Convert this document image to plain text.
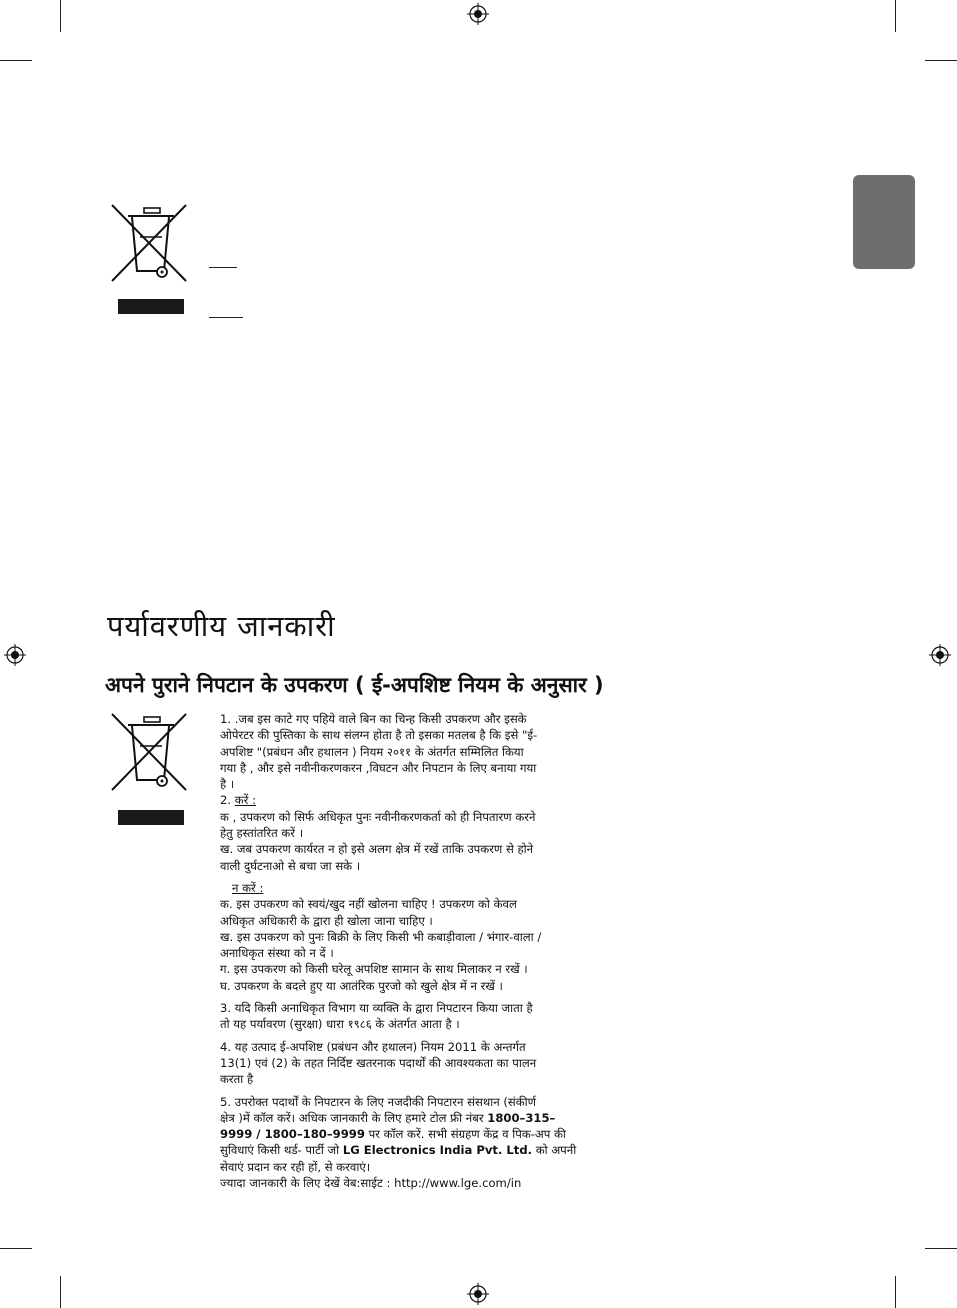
पर्यावरणीय जानकारी
अपने पुराने निपटान के उपकरण ( ई-अपशिष्ट नियम के अनुसार )

1. .जब इस काटे गए पहिये वाले बिन का चिन्ह किसी उपकरण और इसके

ओपेरटर की पुस्तिका के साथ संलग्न होता है तो इसका मतलब है कि इसे "ई-

अपशिष्ट "(प्रबंधन और हथालन ) नियम २०११ के अंतर्गत सम्मिलित किया

गया है , और इसे नवीनीकरणकरन ,विघटन और निपटान के लिए बनाया गया

है ।

2. करें :

क , उपकरण को सिर्फ अधिकृत पुनः नवीनीकरणकर्ता को ही निपतारण करने

हेतु हस्तांतरित करें ।

ख. जब उपकरण कार्यरत न हो इसे अलग क्षेत्र में रखें ताकि उपकरण से होने

वाली दुर्घटनाओ से बचा जा सके ।

न करें :

क. इस उपकरण को स्वयं/खुद नहीं खोलना चाहिए ! उपकरण को केवल

अधिकृत अधिकारी के द्वारा ही खोला जाना चाहिए ।

ख. इस उपकरण को पुनः बिक्री के लिए किसी भी कबाड़ीवाला / भंगार-वाला /

अनाधिकृत संस्था को न दें ।

ग. इस उपकरण को किसी घरेलू अपशिष्ट सामान के साथ मिलाकर न रखें ।

घ. उपकरण के बदले हुए या आतंरिक पुरजो को खुले क्षेत्र में न रखें ।

3. यदि किसी अनाधिकृत विभाग या व्यक्ति के द्वारा निपटारन किया जाता है

तो यह पर्यावरण (सुरक्षा) धारा १९८६ के अंतर्गत आता है ।

4. यह उत्पाद ई-अपशिष्ट (प्रबंधन और हथालन) नियम 2011 के अन्तर्गत

13(1) एवं (2) के तहत निर्दिष्ट खतरनाक पदार्थों की आवश्यकता का पालन

करता है

5. उपरोक्त पदार्थों के निपटारन के लिए नजदीकी निपटारन संसथान (संकीर्ण

क्षेत्र )में कॉल करें। अधिक जानकारी के लिए हमारे टोल फ्री नंबर 1800–315–

9999 / 1800–180–9999 पर कॉल करें. सभी संग्रहण केंद्र व पिक-अप की

सुविधाएं किसी थर्ड- पार्टी जो LG Electronics India Pvt. Ltd. को अपनी

सेवाएं प्रदान कर रही हों, से करवाएं।

ज्यादा जानकारी के लिए देखें वेब:साईट : http://www.lge.com/in
